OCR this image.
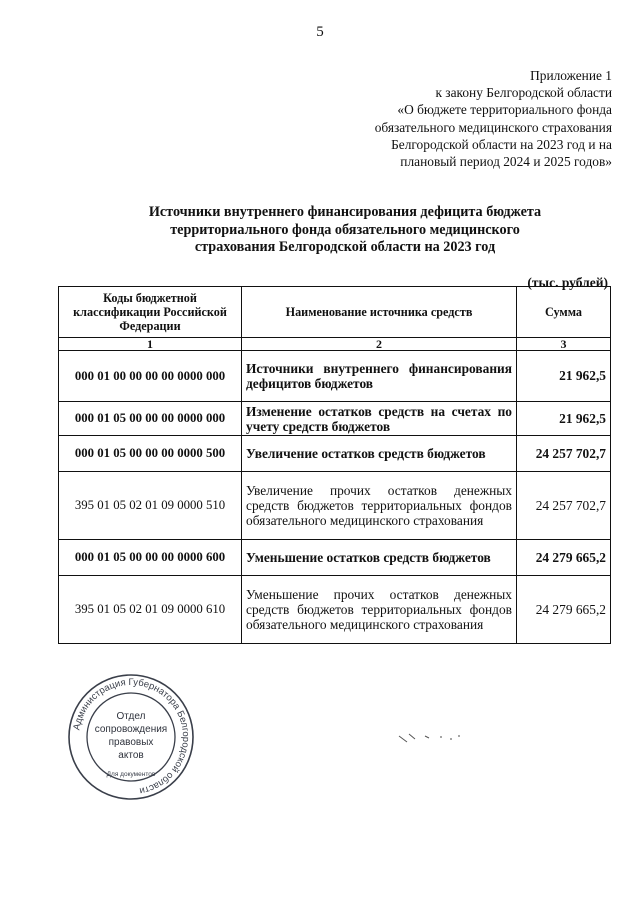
5
Приложение 1
к закону Белгородской области
«О бюджете территориального фонда
обязательного медицинского страхования
Белгородской области на 2023 год и на
плановый период 2024 и 2025 годов»
Источники внутреннего финансирования дефицита бюджета
территориального фонда обязательного медицинского
страхования Белгородской области на 2023 год
(тыс. рублей)
Коды бюджетной классификации Российской Федерации	Наименование источника средств	Сумма
1	2	3
000 01 00 00 00 00 0000 000	Источники внутреннего финансирования дефицитов бюджетов	21 962,5
000 01 05 00 00 00 0000 000	Изменение остатков средств на счетах по учету средств бюджетов	21 962,5
000 01 05 00 00 00 0000 500	Увеличение остатков средств бюджетов	24 257 702,7
395 01 05 02 01 09 0000 510	Увеличение прочих остатков денежных средств бюджетов территориальных фондов обязательного медицинского страхования	24 257 702,7
000 01 05 00 00 00 0000 600	Уменьшение остатков средств бюджетов	24 279 665,2
395 01 05 02 01 09 0000 610	Уменьшение прочих остатков денежных средств бюджетов территориальных фондов обязательного медицинского страхования	24 279 665,2
Администрация Губернатора Белгородской области
Отдел
сопровождения
правовых
актов
Для документов
